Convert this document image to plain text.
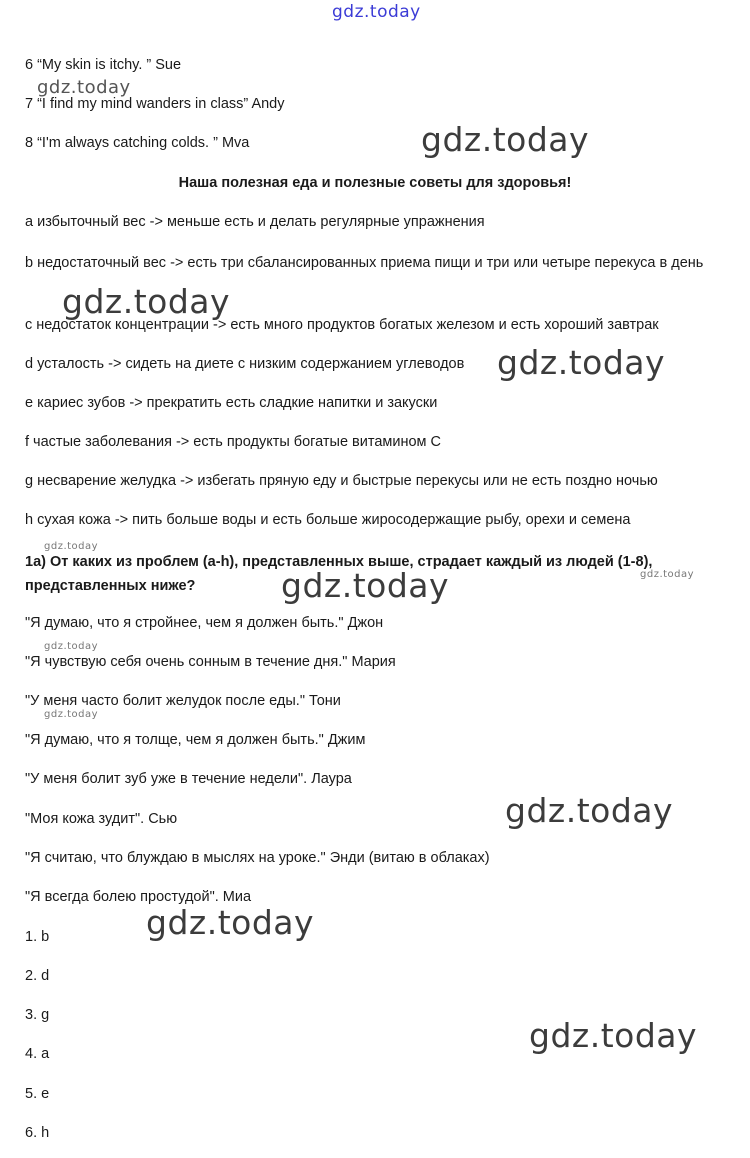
gdz.today
6 “My skin is itchy. ” Sue
gdz.today
7 “I find my mind wanders in class” Andy
8 “I'm always catching colds. ” Mva	gdz.today
Наша полезная еда и полезные советы для здоровья!
a избыточный вес -> меньше есть и делать регулярные упражнения
b недостаточный вес -> есть три сбалансированных приема пищи и три или четыре перекуса в день
gdz.today
c недостаток концентрации -> есть много продуктов богатых железом и есть хороший завтрак
d усталость -> сидеть на диете с низким содержанием углеводов gdz.today
e кариес зубов -> прекратить есть сладкие напитки и закуски
f частые заболевания -> есть продукты богатые витамином C
g несварение желудка -> избегать пряную еду и быстрые перекусы или не есть поздно ночью
h сухая кожа -> пить больше воды и есть больше жиросодержащие рыбу, орехи и семена
gdz.today
1a) От каких из проблем (a-h), представленных выше, страдает каждый из людей (1-8),
представленных ниже?
gdz.today
gdz.today
"Я думаю, что я стройнее, чем я должен быть." Джон
gdz.today
"Я чувствую себя очень сонным в течение дня." Мария
"У меня часто болит желудок после еды." Тони
gdz.today
"Я думаю, что я толще, чем я должен быть." Джим
"У меня болит зуб уже в течение недели". Лаура
"Моя кожа зудит". Сью	gdz.today
"Я считаю, что блуждаю в мыслях на уроке." Энди (витаю в облаках)
"Я всегда болею простудой". Миа
gdz.today
1. b
2. d
3. g
gdz.today
4. a
5. e
6. h
